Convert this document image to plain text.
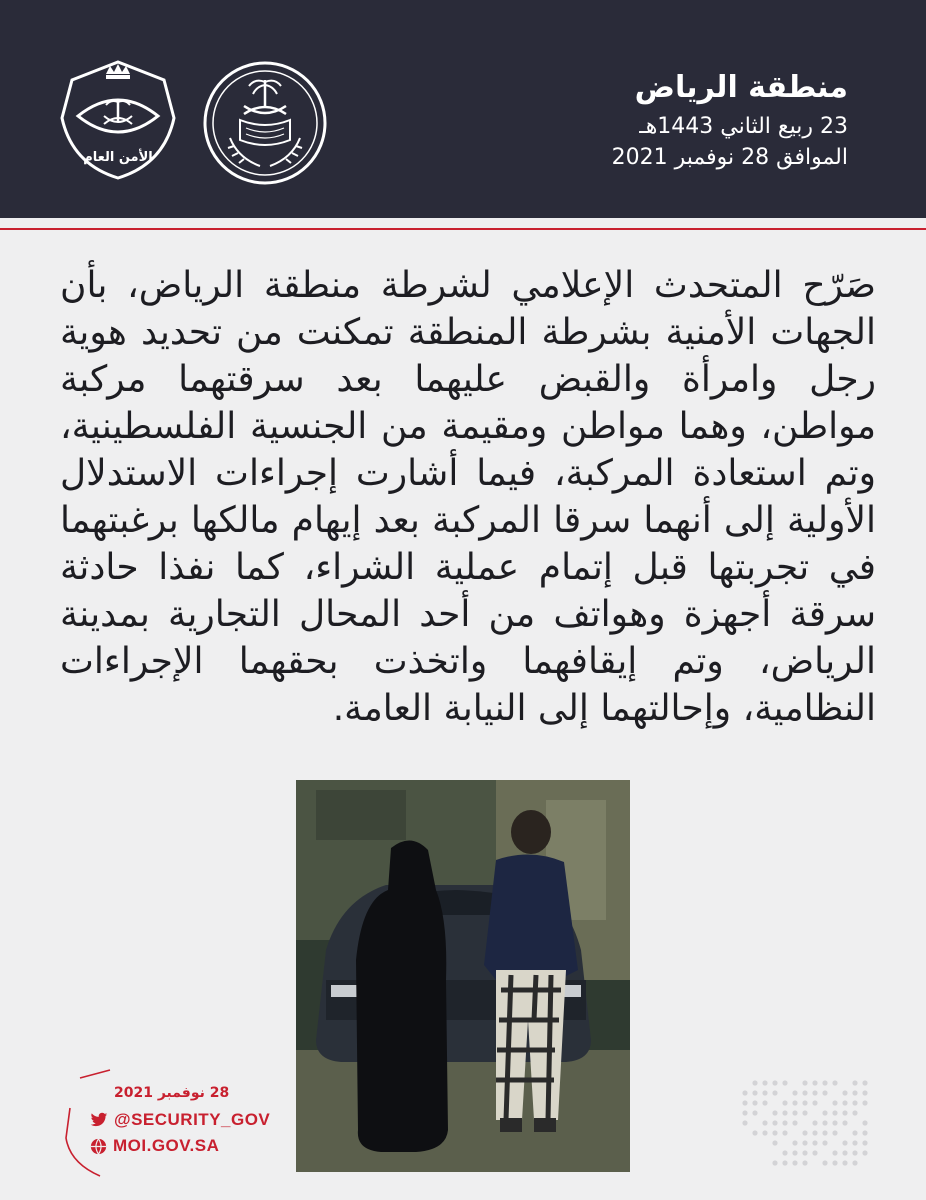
منطقة الرياض
23 ربيع الثاني 1443هـ
الموافق 28 نوفمبر 2021
الأمن العام
صَرّح المتحدث الإعلامي لشرطة منطقة الرياض، بأن الجهات الأمنية بشرطة المنطقة تمكنت من تحديد هوية رجل وامرأة والقبض عليهما بعد سرقتهما مركبة مواطن، وهما مواطن ومقيمة من الجنسية الفلسطينية، وتم استعادة المركبة، فيما أشارت إجراءات الاستدلال الأولية إلى أنهما سرقا المركبة بعد إيهام مالكها برغبتهما في تجربتها قبل إتمام عملية الشراء، كما نفذا حادثة سرقة أجهزة وهواتف من أحد المحال التجارية بمدينة الرياض، وتم إيقافهما واتخذت بحقهما الإجراءات النظامية، وإحالتهما إلى النيابة العامة.
28 نوفمبر 2021
@SECURITY_GOV
MOI.GOV.SA
